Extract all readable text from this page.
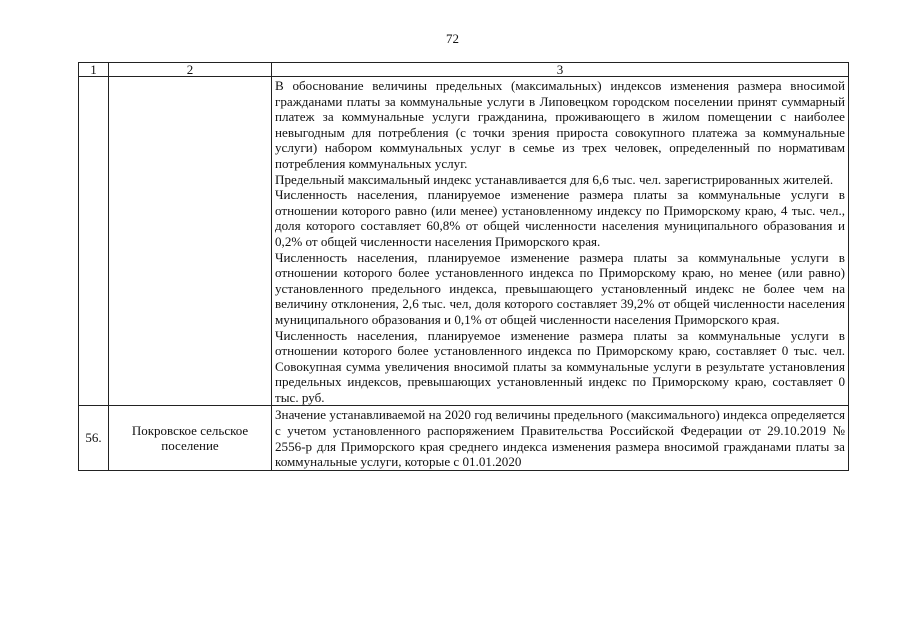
72
1	2	3

		В обоснование величины предельных (максимальных) индексов изменения размера вносимой гражданами платы за коммунальные услуги в Липовецком городском поселении принят суммарный платеж за коммунальные услуги гражданина, проживающего в жилом помещении с наиболее невыгодным для потребления (с точки зрения прироста совокупного платежа за коммунальные услуги) набором коммунальных услуг в семье из трех человек, определенный по нормативам потребления коммунальных услуг.

Предельный максимальный индекс устанавливается для 6,6 тыс. чел. зарегистрированных жителей.

Численность населения, планируемое изменение размера платы за коммунальные услуги в отношении которого равно (или менее) установленному индексу по Приморскому краю, 4 тыс. чел., доля которого составляет 60,8% от общей численности населения муниципального образования и 0,2% от общей численности населения Приморского края.

Численность населения, планируемое изменение размера платы за коммунальные услуги в отношении которого более установленного индекса по Приморскому краю, но менее (или равно) установленного предельного индекса, превышающего установленный индекс не более чем на величину отклонения, 2,6 тыс. чел, доля которого составляет 39,2% от общей численности населения муниципального образования и 0,1% от общей численности населения Приморского края.

Численность населения, планируемое изменение размера платы за коммунальные услуги в отношении которого более установленного индекса по Приморскому краю, составляет 0 тыс. чел. Совокупная сумма увеличения вносимой платы за коммунальные услуги в результате установления предельных индексов, превышающих установленный индекс по Приморскому краю, составляет 0 тыс. руб.

56.	Покровское сельское поселение	Значение устанавливаемой на 2020 год величины предельного (максимального) индекса определяется с учетом установленного распоряжением Правительства Российской Федерации от 29.10.2019 № 2556-р для Приморского края среднего индекса изменения размера вносимой гражданами платы за коммунальные услуги, которые с 01.01.2020
